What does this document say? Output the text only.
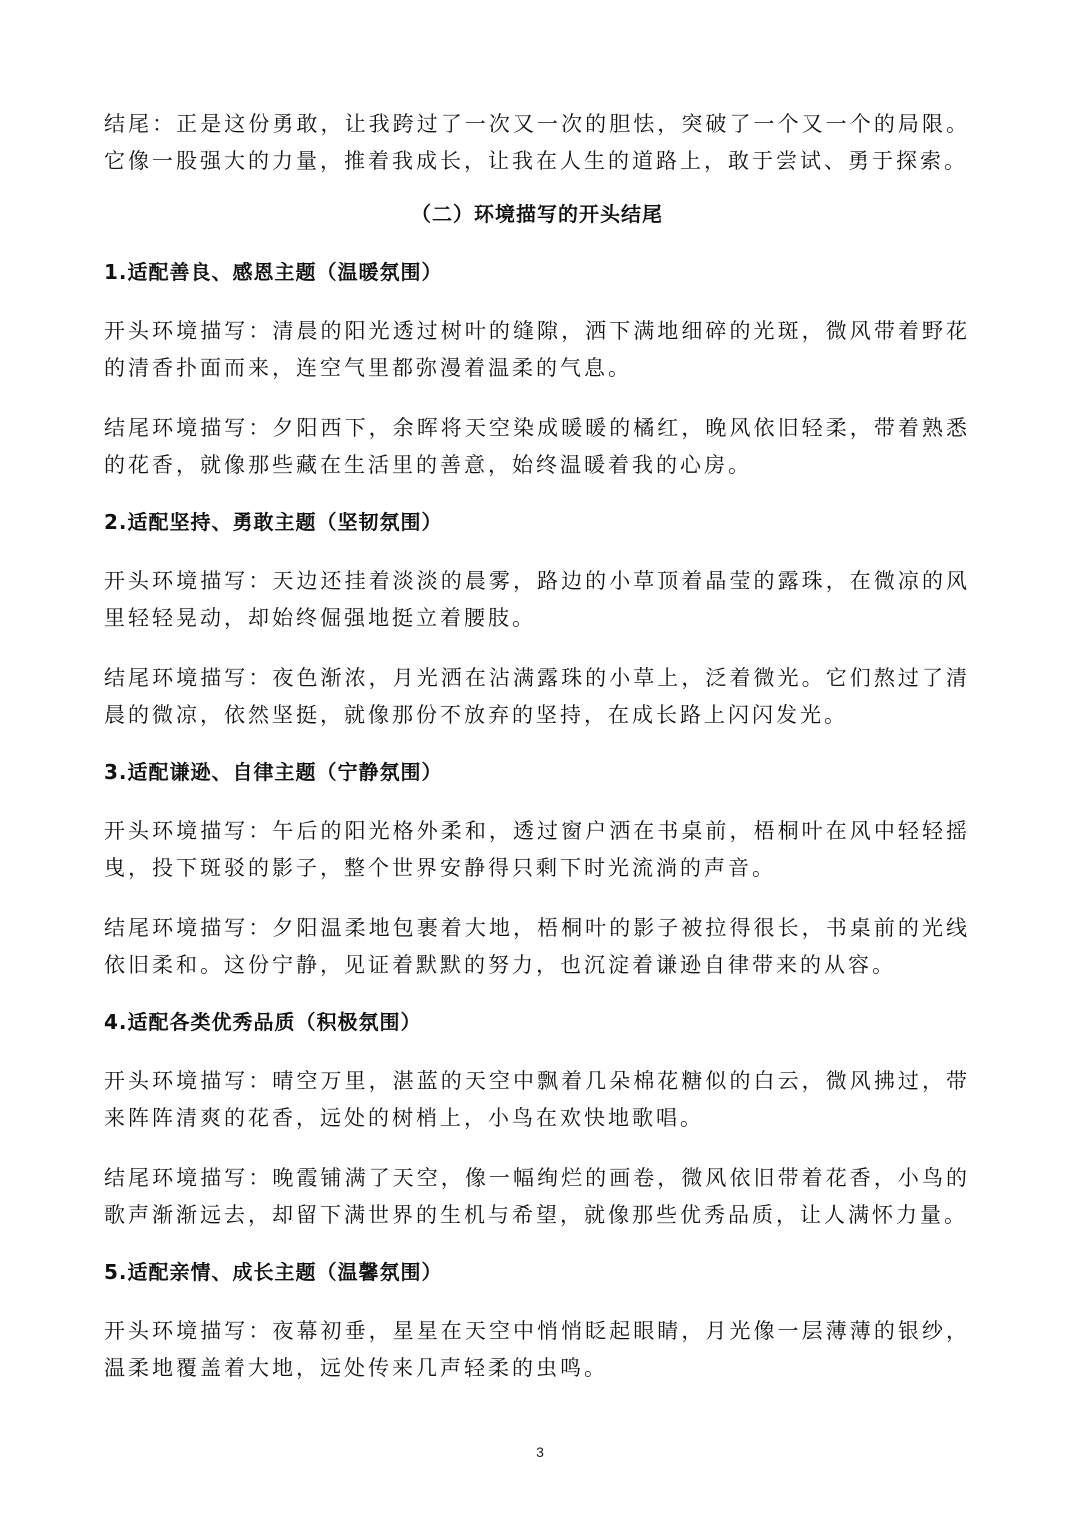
结尾：正是这份勇敢，让我跨过了一次又一次的胆怯，突破了一个又一个的局限。它像一股强大的力量，推着我成长，让我在人生的道路上，敢于尝试、勇于探索。

（二）环境描写的开头结尾
1.适配善良、感恩主题（温暖氛围）

开头环境描写：清晨的阳光透过树叶的缝隙，洒下满地细碎的光斑，微风带着野花的清香扑面而来，连空气里都弥漫着温柔的气息。

结尾环境描写：夕阳西下，余晖将天空染成暖暖的橘红，晚风依旧轻柔，带着熟悉的花香，就像那些藏在生活里的善意，始终温暖着我的心房。

2.适配坚持、勇敢主题（坚韧氛围）

开头环境描写：天边还挂着淡淡的晨雾，路边的小草顶着晶莹的露珠，在微凉的风里轻轻晃动，却始终倔强地挺立着腰肢。

结尾环境描写：夜色渐浓，月光洒在沾满露珠的小草上，泛着微光。它们熬过了清晨的微凉，依然坚挺，就像那份不放弃的坚持，在成长路上闪闪发光。

3.适配谦逊、自律主题（宁静氛围）

开头环境描写：午后的阳光格外柔和，透过窗户洒在书桌前，梧桐叶在风中轻轻摇曳，投下斑驳的影子，整个世界安静得只剩下时光流淌的声音。

结尾环境描写：夕阳温柔地包裹着大地，梧桐叶的影子被拉得很长，书桌前的光线依旧柔和。这份宁静，见证着默默的努力，也沉淀着谦逊自律带来的从容。

4.适配各类优秀品质（积极氛围）

开头环境描写：晴空万里，湛蓝的天空中飘着几朵棉花糖似的白云，微风拂过，带来阵阵清爽的花香，远处的树梢上，小鸟在欢快地歌唱。

结尾环境描写：晚霞铺满了天空，像一幅绚烂的画卷，微风依旧带着花香，小鸟的歌声渐渐远去，却留下满世界的生机与希望，就像那些优秀品质，让人满怀力量。

5.适配亲情、成长主题（温馨氛围）

开头环境描写：夜幕初垂，星星在天空中悄悄眨起眼睛，月光像一层薄薄的银纱，温柔地覆盖着大地，远处传来几声轻柔的虫鸣。

3
